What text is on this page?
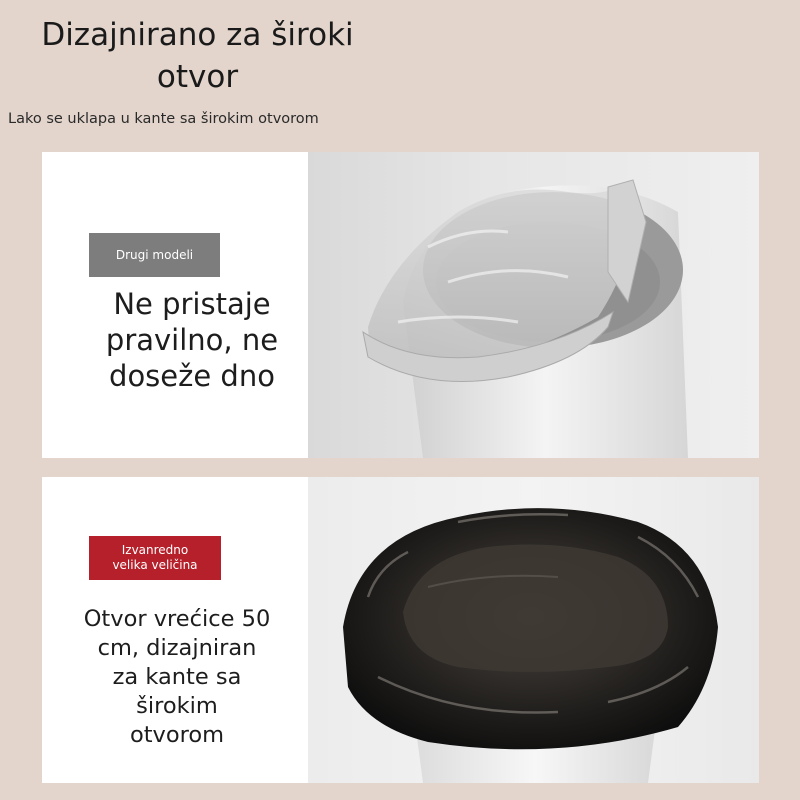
Dizajnirano za široki
otvor
Lako se uklapa u kante sa širokim otvorom
Drugi modeli
Ne pristaje
pravilno, ne
doseže dno
Izvanredno
velika veličina
Otvor vrećice 50
cm, dizajniran
za kante sa
širokim
otvorom
